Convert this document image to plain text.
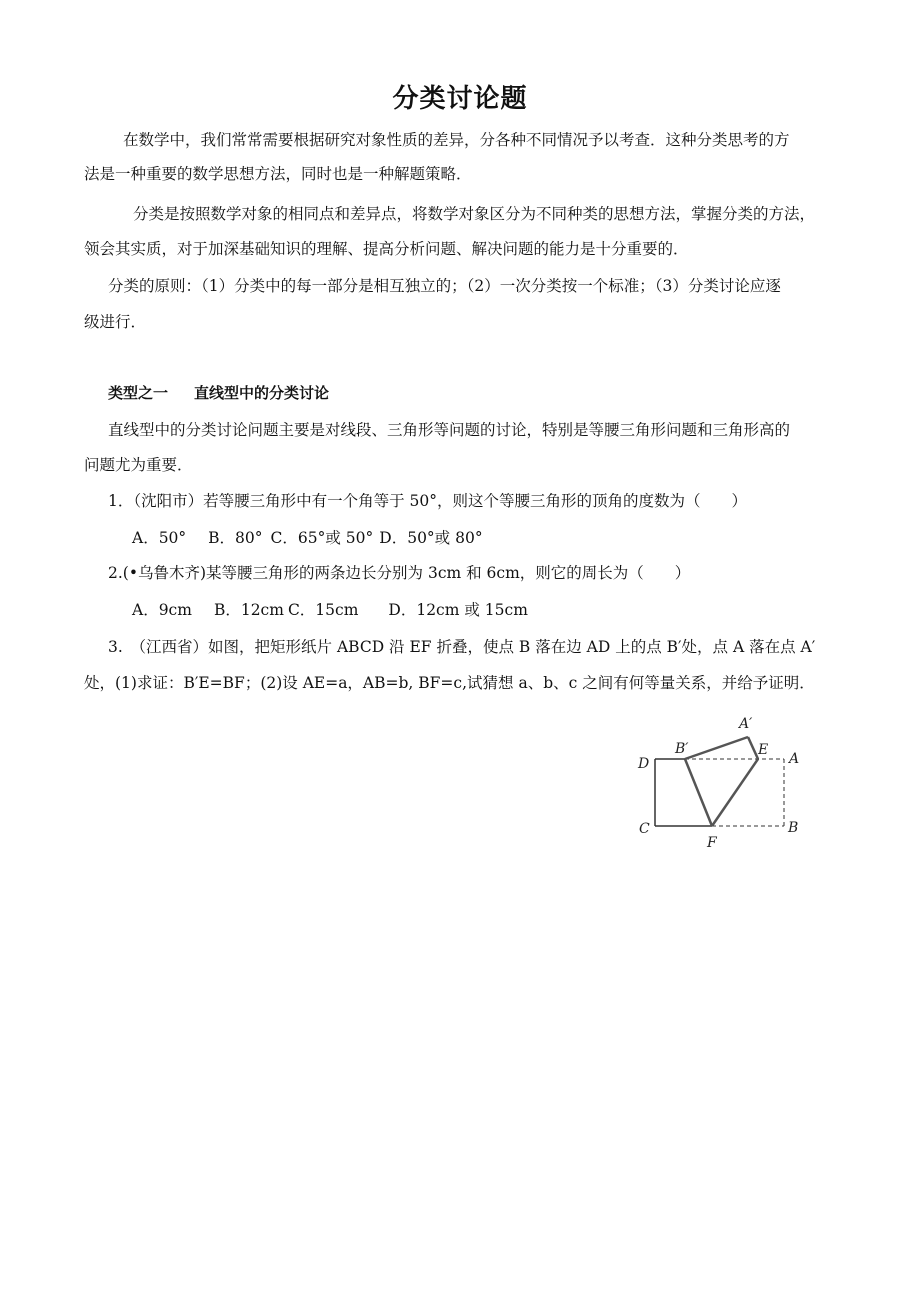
分类讨论题
在数学中，我们常常需要根据研究对象性质的差异，分各种不同情况予以考查．这种分类思考的方
法是一种重要的数学思想方法，同时也是一种解题策略．
分类是按照数学对象的相同点和差异点，将数学对象区分为不同种类的思想方法，掌握分类的方法，
领会其实质，对于加深基础知识的理解、提高分析问题、解决问题的能力是十分重要的．
分类的原则：（1）分类中的每一部分是相互独立的；（2）一次分类按一个标准；（3）分类讨论应逐
级进行．
类型之一 直线型中的分类讨论
直线型中的分类讨论问题主要是对线段、三角形等问题的讨论，特别是等腰三角形问题和三角形高的
问题尤为重要．
1．（沈阳市）若等腰三角形中有一个角等于 50°，则这个等腰三角形的顶角的度数为（　　）
A．50° B．80° C．65°或 50° D．50°或 80°
2.(•乌鲁木齐)某等腰三角形的两条边长分别为 3cm 和 6cm，则它的周长为（　　）
A．9cm B．12cm C．15cm D．12cm 或 15cm
3.　（江西省）如图，把矩形纸片 ABCD 沿 EF 折叠，使点 B 落在边 AD 上的点 B′处，点 A 落在点 A′
处，(1)求证：B′E=BF；(2)设 AE=a，AB=b, BF=c,试猜想 a、b、c 之间有何等量关系，并给予证明．
A′
B′	E
A
D
C
F
B
